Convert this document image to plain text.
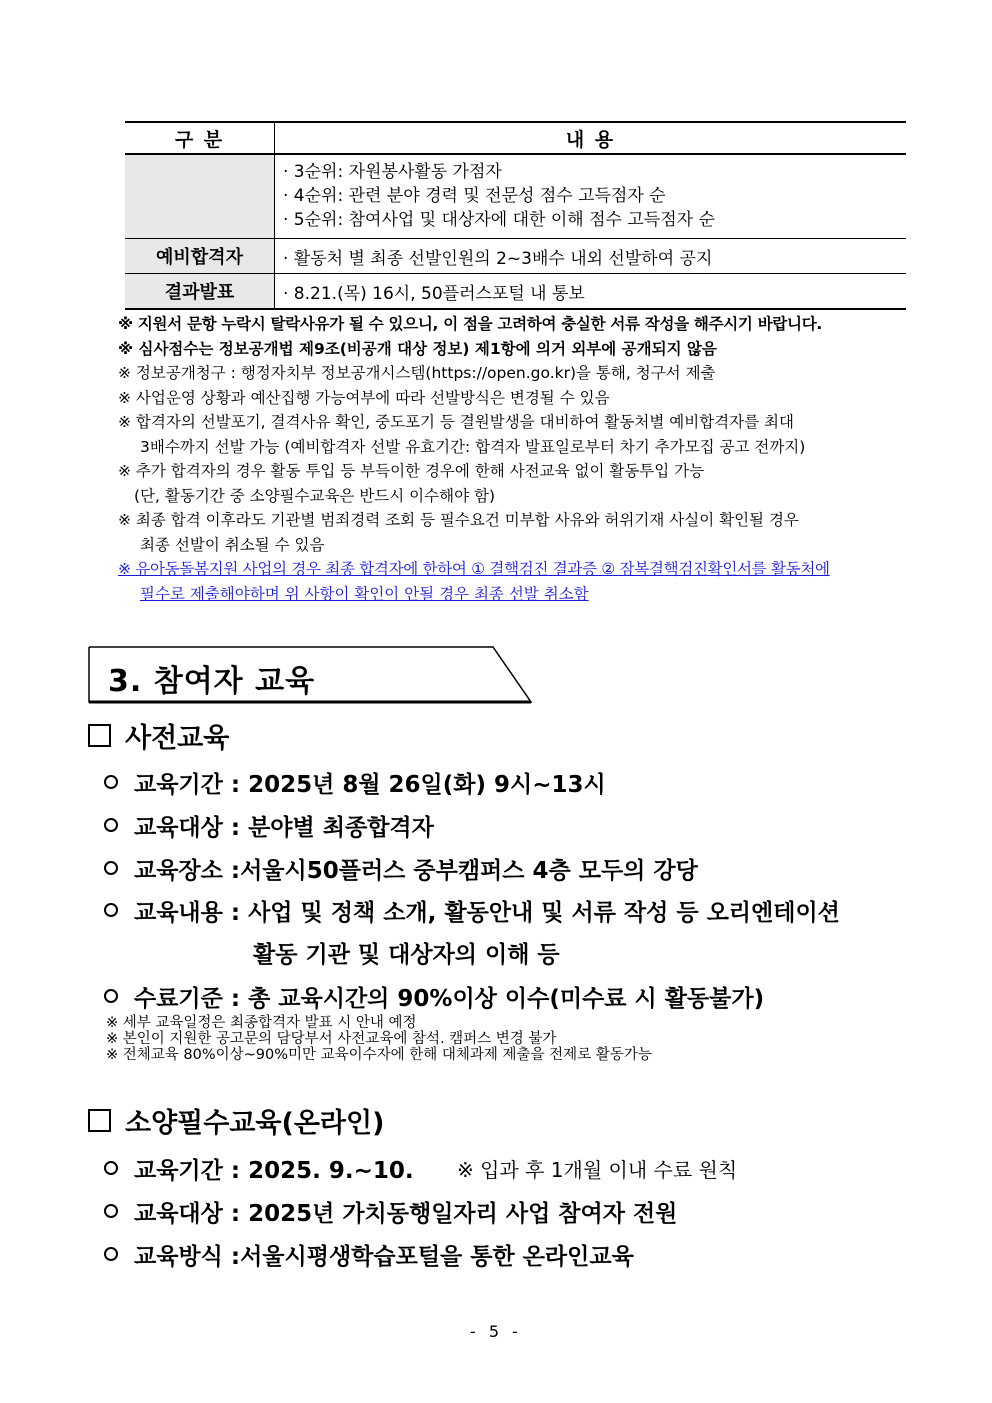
구 분	내 용

	· 3순위: 자원봉사활동 가점자
· 4순위: 관련 분야 경력 및 전문성 점수 고득점자 순
· 5순위: 참여사업 및 대상자에 대한 이해 점수 고득점자 순

예비합격자	· 활동처 별 최종 선발인원의 2~3배수 내외 선발하여 공지
결과발표	· 8.21.(목) 16시, 50플러스포털 내 통보
※ 지원서 문항 누락시 탈락사유가 될 수 있으니, 이 점을 고려하여 충실한 서류 작성을 해주시기 바랍니다.
※ 심사점수는 정보공개법 제9조(비공개 대상 정보) 제1항에 의거 외부에 공개되지 않음
※ 정보공개청구 : 행정자치부 정보공개시스템(https://open.go.kr)을 통해, 청구서 제출
※ 사업운영 상황과 예산집행 가능여부에 따라 선발방식은 변경될 수 있음
※ 합격자의 선발포기, 결격사유 확인, 중도포기 등 결원발생을 대비하여 활동처별 예비합격자를 최대
3배수까지 선발 가능 (예비합격자 선발 유효기간: 합격자 발표일로부터 차기 추가모집 공고 전까지)
※ 추가 합격자의 경우 활동 투입 등 부득이한 경우에 한해 사전교육 없이 활동투입 가능
(단, 활동기간 중 소양필수교육은 반드시 이수해야 함)
※ 최종 합격 이후라도 기관별 범죄경력 조회 등 필수요건 미부합 사유와 허위기재 사실이 확인될 경우
최종 선발이 취소될 수 있음
※ 유아동돌봄지원 사업의 경우 최종 합격자에 한하여 ① 결핵검진 결과증 ② 잠복결핵검진확인서를 활동처에
필수로 제출해야하며 위 사항이 확인이 안될 경우 최종 선발 취소함
3. 참여자 교육
사전교육
교육기간 : 2025년 8월 26일(화) 9시~13시
교육대상 : 분야별 최종합격자
교육장소 :서울시50플러스 중부캠퍼스 4층 모두의 강당
교육내용 : 사업 및 정책 소개, 활동안내 및 서류 작성 등 오리엔테이션
활동 기관 및 대상자의 이해 등
수료기준 : 총 교육시간의 90%이상 이수(미수료 시 활동불가)
※ 세부 교육일정은 최종합격자 발표 시 안내 예정
※ 본인이 지원한 공고문의 담당부서 사전교육에 참석. 캠퍼스 변경 불가
※ 전체교육 80%이상~90%미만 교육이수자에 한해 대체과제 제출을 전제로 활동가능
소양필수교육(온라인)
교육기간 : 2025. 9.~10. ※ 입과 후 1개월 이내 수료 원칙
교육대상 : 2025년 가치동행일자리 사업 참여자 전원
교육방식 :서울시평생학습포털을 통한 온라인교육
- 5 -
